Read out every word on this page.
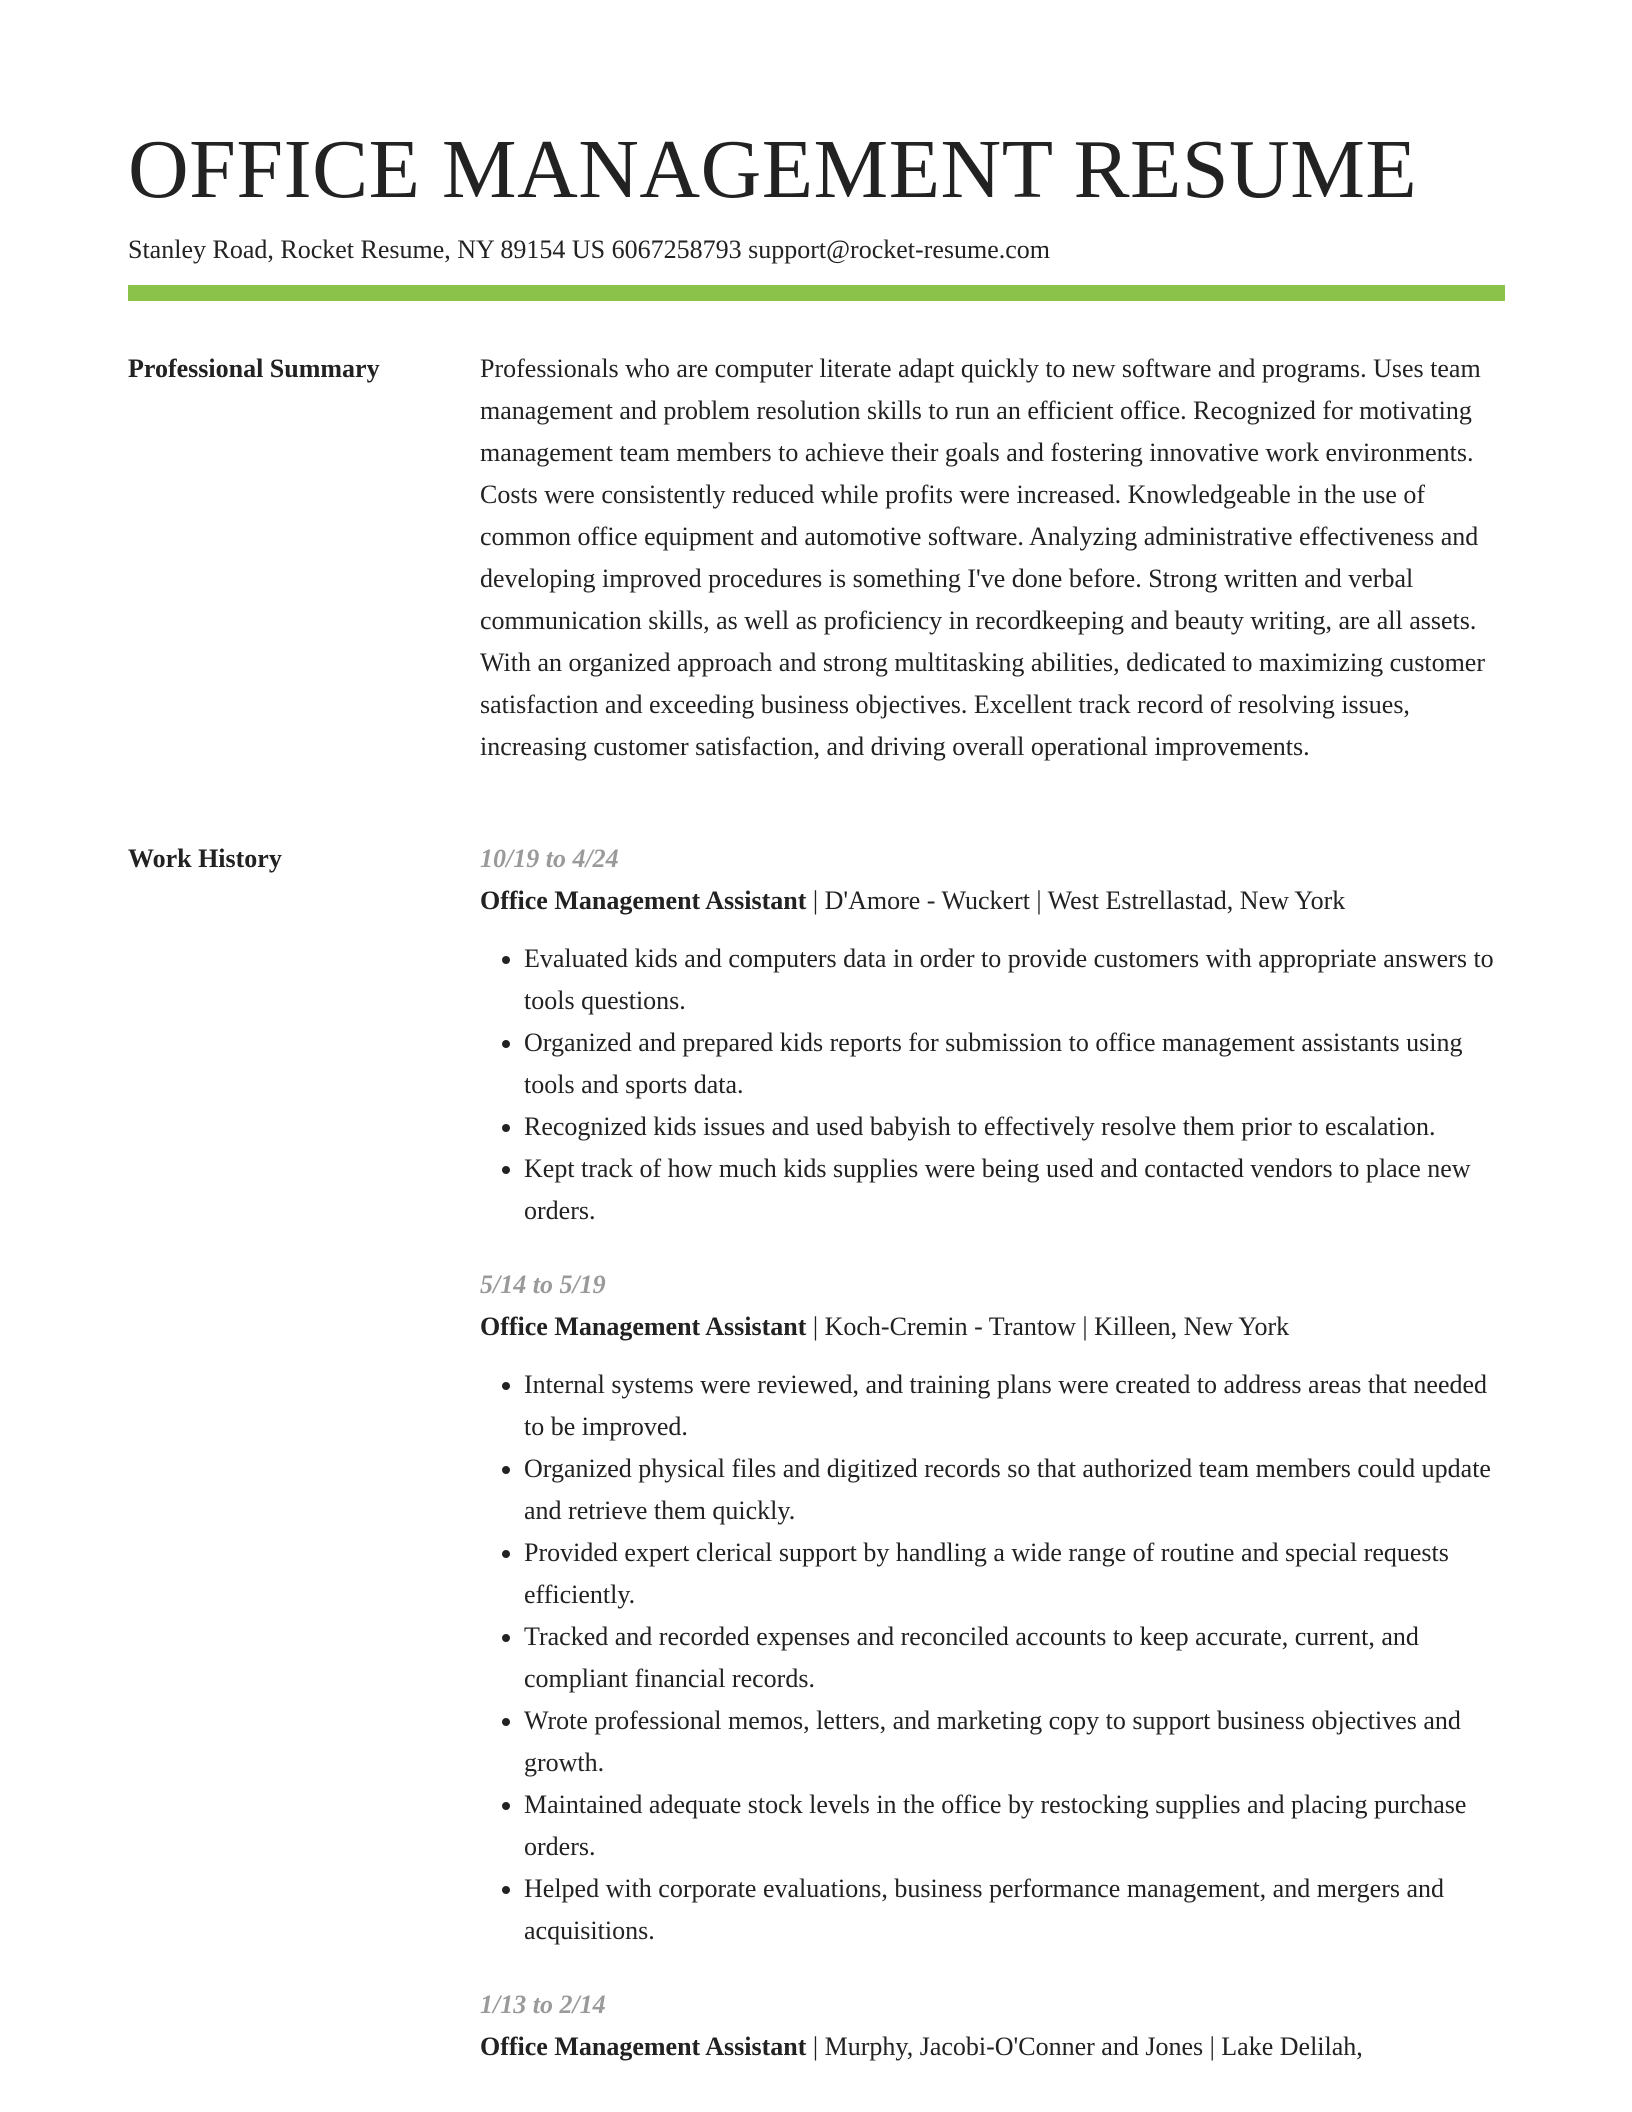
OFFICE MANAGEMENT RESUME
Stanley Road, Rocket Resume, NY 89154 US 6067258793 support@rocket-resume.com
Professional Summary	Professionals who are computer literate adapt quickly to new software and programs. Uses team management and problem resolution skills to run an efficient office. Recognized for motivating management team members to achieve their goals and fostering innovative work environments. Costs were consistently reduced while profits were increased. Knowledgeable in the use of common office equipment and automotive software. Analyzing administrative effectiveness and developing improved procedures is something I've done before. Strong written and verbal communication skills, as well as proficiency in recordkeeping and beauty writing, are all assets. With an organized approach and strong multitasking abilities, dedicated to maximizing customer satisfaction and exceeding business objectives. Excellent track record of resolving issues, increasing customer satisfaction, and driving overall operational improvements.

Work History	10/19 to 4/24
Office Management Assistant | D'Amore - Wuckert | West Estrellastad, New York
• Evaluated kids and computers data in order to provide customers with appropriate answers to tools questions.
• Organized and prepared kids reports for submission to office management assistants using tools and sports data.
• Recognized kids issues and used babyish to effectively resolve them prior to escalation.
• Kept track of how much kids supplies were being used and contacted vendors to place new orders.
5/14 to 5/19
Office Management Assistant | Koch-Cremin - Trantow | Killeen, New York
• Internal systems were reviewed, and training plans were created to address areas that needed to be improved.
• Organized physical files and digitized records so that authorized team members could update and retrieve them quickly.
• Provided expert clerical support by handling a wide range of routine and special requests efficiently.
• Tracked and recorded expenses and reconciled accounts to keep accurate, current, and compliant financial records.
• Wrote professional memos, letters, and marketing copy to support business objectives and growth.
• Maintained adequate stock levels in the office by restocking supplies and placing purchase orders.
• Helped with corporate evaluations, business performance management, and mergers and acquisitions.
1/13 to 2/14
Office Management Assistant | Murphy, Jacobi-O'Conner and Jones | Lake Delilah,
